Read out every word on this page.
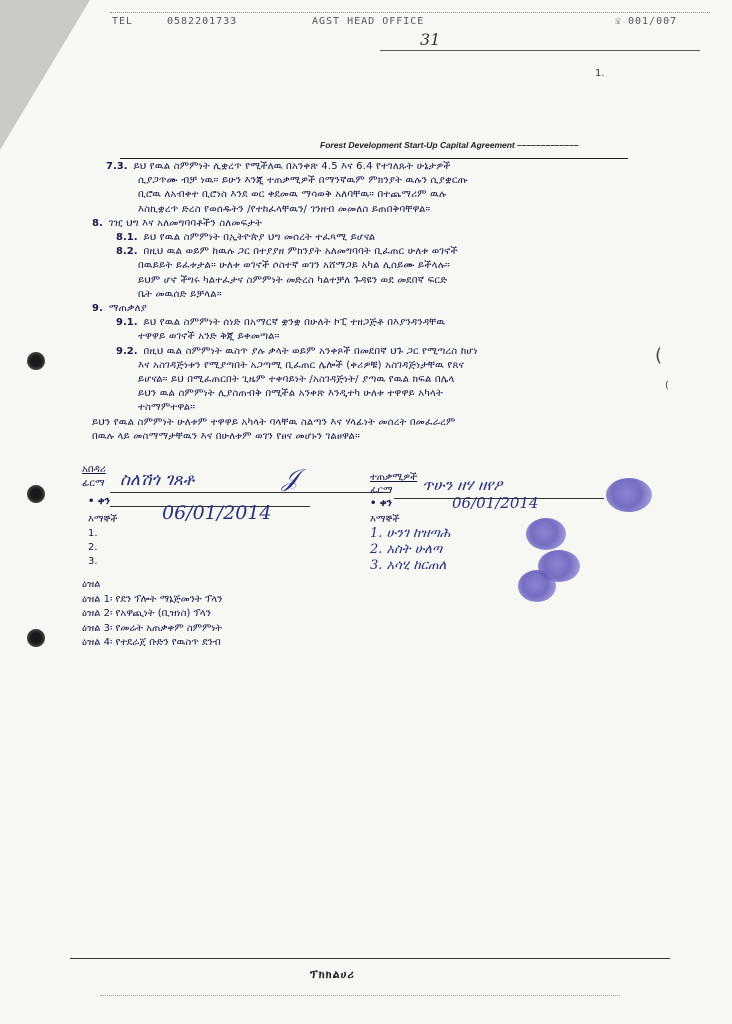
TEL	0582201733	AGST HEAD OFFICE	☏ 001/007
31
1.
Forest Development Start-Up Capital Agreement –––––––––––––
7.3. ይህ የዉል ስምምነት ሊቋረጥ የሚችለዉ በአንቀጽ 4.5 እና 6.4 የተገለጹት ሁኔታዎች
ሲያጋጥሙ ብቻ ነዉ። ይሁን እንጂ ተጠቃሚዎች በማንኛዉም ምክንያት ዉሉን ሲያቋርጡ
ቢሮዉ ለአብቀተ ቢሮነስ እንደ ወር ቀደመዉ ማሳወቅ አለባቸዉ። በተጨማሪም ዉሉ
እስኪቋረጥ ድረስ የወሰዱትን /የተከፈላቸዉን/ ገንዘብ መመለስ ይጠበቅባቸዋል።
8. ገዢ ህግ እና አለመግባባቶችን ስለመፍታት
8.1. ይህ የዉል ስምምነት በኢትዮጵያ ህግ መሰረት ተፈጻሚ ይሆናል
8.2. በዚህ ዉል ወይም ከዉሉ ጋር በተያያዘ ምክንያት አለመግባባት ቢፈጠር ሁለቱ ወገኖች
በዉይይት ይፈቱታል። ሁለቱ ወገኖች ሶስተኛ ወገን አሸማጋይ አካል ሊሰይሙ ይችላሉ።
ይህም ሆኖ ችግሩ ካልተፈታና ስምምነት መድረስ ካልተቻለ ጉዳዩን ወደ መደበኛ ፍርድ
ቤት መዉሰድ ይቻላል።
9. ማጠቃለያ
9.1. ይህ የዉል ስምምነት ሰነድ በአማርኛ ቋንቋ በሁለት ኮፒ ተዘጋጅቶ በእያንዳንዳቸዉ
ተዋዋይ ወገኖች አንድ ቅጂ ይቀመጣል።
9.2. በዚህ ዉል ስምምነት ዉስጥ ያሉ ቃላት ወይም አንቀጾች በመደበኛ ህጉ ጋር የሚጣረስ ከሆነ
እና አስገዳጅነቱን የሚያጣበት አጋጣሚ ቢፈጠር ሌሎች (ቀሪዎቹ) አስገዳጅነታቸዉ የጸና
ይሆናል። ይህ በሚፈጠርበት ጊዜም ተቀባይነት /አስገዳጅነት/ ያጣዉ የዉል ክፍል በሌላ
ይህን ዉል ስምምነት ሊያስጠብቅ በሚችል አንቀጽ እንዲተካ ሁለቱ ተዋዋይ አካላት
ተስማምተዋል።
ይህን የዉል ስምምነት ሁለቱም ተዋዋይ አካላት ባላቸዉ ስልጣን እና ሃላፊነት መሰረት በመፈራረም
በዉሉ ላይ መስማማታቸዉን እና በሁለቱም ወገን የፀና መሆኑን ገልፀዋል።
(
(
አበዳሪ
ፊርማ ስለሽጎ ገጸቶ	𝒥
• ቀን
06/01/2014
እማኞች
1.
2.
3.
ተጠቃሚዎች
ፊርማ ጥሁን ዘሃ ዘየዖ
• ቀን	06/01/2014
እማኞች
1. ሁንገ ከዝጣሕ
2. አስት ሁለጣ
3. አሳሂ ከርጠለ
ዕዝል
ዕዝል 1፡ የደን ፕሎት ማኔጅመንት ፕላን
ዕዝል 2፡ የአዋጪነት (ቢዝነስ) ፕላን
ዕዝል 3፡ የመሬት አጠቃቀም ስምምነት
ዕዝል 4፡ የተደራጀ ቡድን የዉስጥ ደንብ
ፕክክልሀሪ
